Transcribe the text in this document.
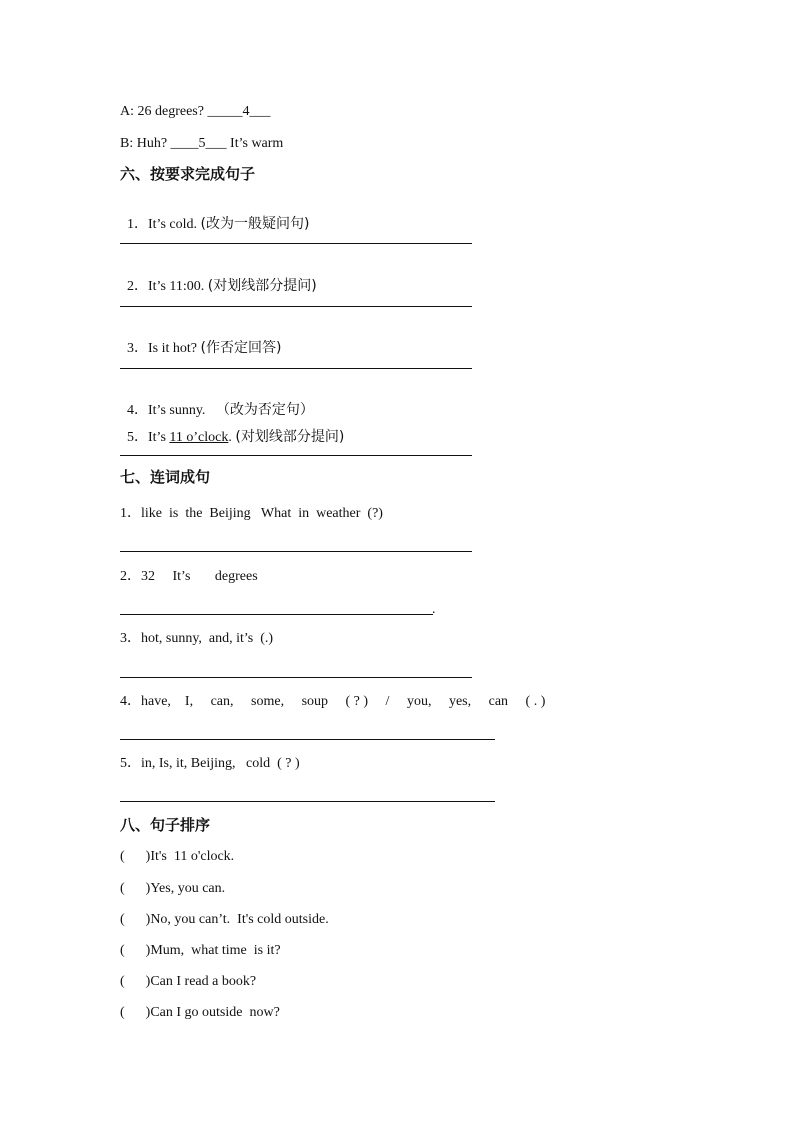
A: 26 degrees? _____4___
B: Huh? ____5___ It’s warm
六、按要求完成句子

1．It’s cold. (改为一般疑问句)

2．It’s 11:00. (对划线部分提问)

3．Is it hot? (作否定回答)

4．It’s sunny.   （改为否定句）

5．It’s 11 o’clock. (对划线部分提问)

七、连词成句
1．like  is  the  Beijing   What  in  weather  (?)
2．32     It’s       degrees
.
3．hot, sunny,  and, it’s  (.)
4．have,    I,     can,     some,     soup     ( ? )     /     you,     yes,     can     ( . )
5．in, Is, it, Beijing,   cold  ( ? )
八、句子排序
(      )It's  11 o'clock.
(      )Yes, you can.
(      )No, you can’t.  It's cold outside.
(      )Mum,  what time  is it?
(      )Can I read a book?
(      )Can I go outside  now?
